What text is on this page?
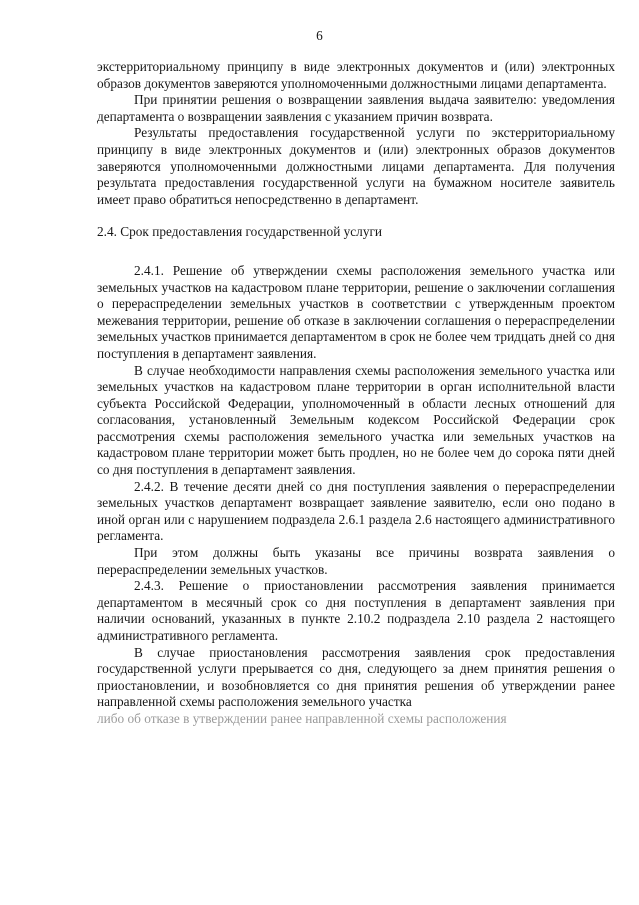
6

экстерриториальному принципу в виде электронных документов и (или) электронных образов документов заверяются уполномоченными должностными лицами департамента.

При принятии решения о возвращении заявления выдача заявителю: уведомления департамента о возвращении заявления с указанием причин возврата.

Результаты предоставления государственной услуги по экстерриториальному принципу в виде электронных документов и (или) электронных образов документов заверяются уполномоченными должностными лицами департамента. Для получения результата предоставления государственной услуги на бумажном носителе заявитель имеет право обратиться непосредственно в департамент.

2.4. Срок предоставления государственной услуги

2.4.1. Решение об утверждении схемы расположения земельного участка или земельных участков на кадастровом плане территории, решение о заключении соглашения о перераспределении земельных участков в соответствии с утвержденным проектом межевания территории, решение об отказе в заключении соглашения о перераспределении земельных участков принимается департаментом в срок не более чем тридцать дней со дня поступления в департамент заявления.

В случае необходимости направления схемы расположения земельного участка или земельных участков на кадастровом плане территории в орган исполнительной власти субъекта Российской Федерации, уполномоченный в области лесных отношений для согласования, установленный Земельным кодексом Российской Федерации срок рассмотрения схемы расположения земельного участка или земельных участков на кадастровом плане территории может быть продлен, но не более чем до сорока пяти дней со дня поступления в департамент заявления.

2.4.2. В течение десяти дней со дня поступления заявления о перераспределении земельных участков департамент возвращает заявление заявителю, если оно подано в иной орган или с нарушением подраздела 2.6.1 раздела 2.6 настоящего административного регламента.

При этом должны быть указаны все причины возврата заявления о перераспределении земельных участков.

2.4.3. Решение о приостановлении рассмотрения заявления принимается департаментом в месячный срок со дня поступления в департамент заявления при наличии оснований, указанных в пункте 2.10.2 подраздела 2.10 раздела 2 настоящего административного регламента.

В случае приостановления рассмотрения заявления срок предоставления государственной услуги прерывается со дня, следующего за днем принятия решения о приостановлении, и возобновляется со дня принятия решения об утверждении ранее направленной схемы расположения земельного участка

либо об отказе в утверждении ранее направленной схемы расположения
